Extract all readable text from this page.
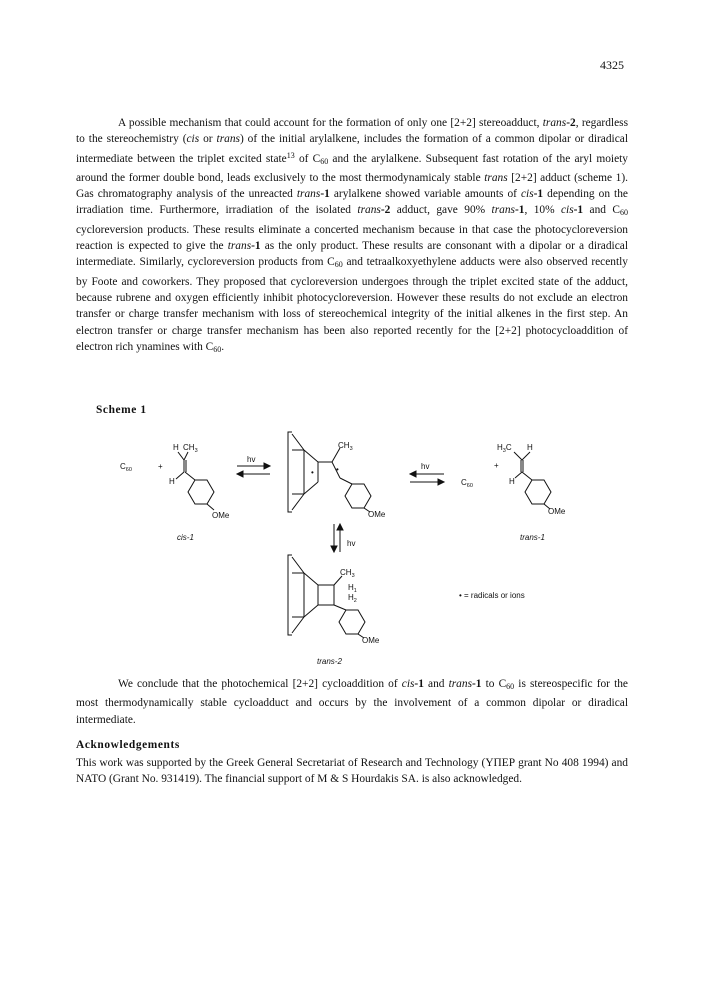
4325

A possible mechanism that could account for the formation of only one [2+2] stereoadduct, trans-2, regardless to the stereochemistry (cis or trans) of the initial arylalkene, includes the formation of a common dipolar or diradical intermediate between the triplet excited state$^{13}$ of $C_{60}$ and the arylalkene. Subsequent fast rotation of the aryl moiety around the former double bond, leads exclusively to the most thermodynamicaly stable trans [2+2] adduct (scheme 1). Gas chromatography analysis of the unreacted trans-1 arylalkene showed variable amounts of cis-1 depending on the irradiation time. Furthermore, irradiation of the isolated trans-2 adduct, gave 90% trans-1, 10% cis-1 and $C_{60}$ cycloreversion products. These results eliminate a concerted mechanism because in that case the photocycloreversion reaction is expected to give the trans-1 as the only product. These results are consonant with a dipolar or a diradical intermediate. Similarly, cycloreversion products from $C_{60}$ and tetraalkoxyethylene adducts were also observed recently by Foote and coworkers. They proposed that cycloreversion undergoes through the triplet excited state of the adduct, because rubrene and oxygen efficiently inhibit photocycloreversion. However these results do not exclude an electron transfer or charge transfer mechanism with loss of stereochemical integrity of the initial alkenes in the first step. An electron transfer or charge transfer mechanism has been also reported recently for the [2+2] photocycloaddition of electron rich ynamines with $C_{60}$.

Scheme 1
$C_{60}$	+
H $CH_3$
H
OMe
cis-1
hv
•	•
$CH_3$
OMe
hv
$C_{60}$
+
$H_3C$ H
H
OMe
trans-1
hv
$CH_3$
$H_1$
$H_2$
OMe
trans-2
• = radicals or ions

We conclude that the photochemical [2+2] cycloaddition of cis-1 and trans-1 to $C_{60}$ is stereospecific for the most thermodynamically stable cycloadduct and occurs by the involvement of a common dipolar or diradical intermediate.

Acknowledgements

This work was supported by the Greek General Secretariat of Research and Technology (ΥΠΕΡ grant No 408 1994) and NATO (Grant No. 931419). The financial support of M & S Hourdakis SA. is also acknowledged.
